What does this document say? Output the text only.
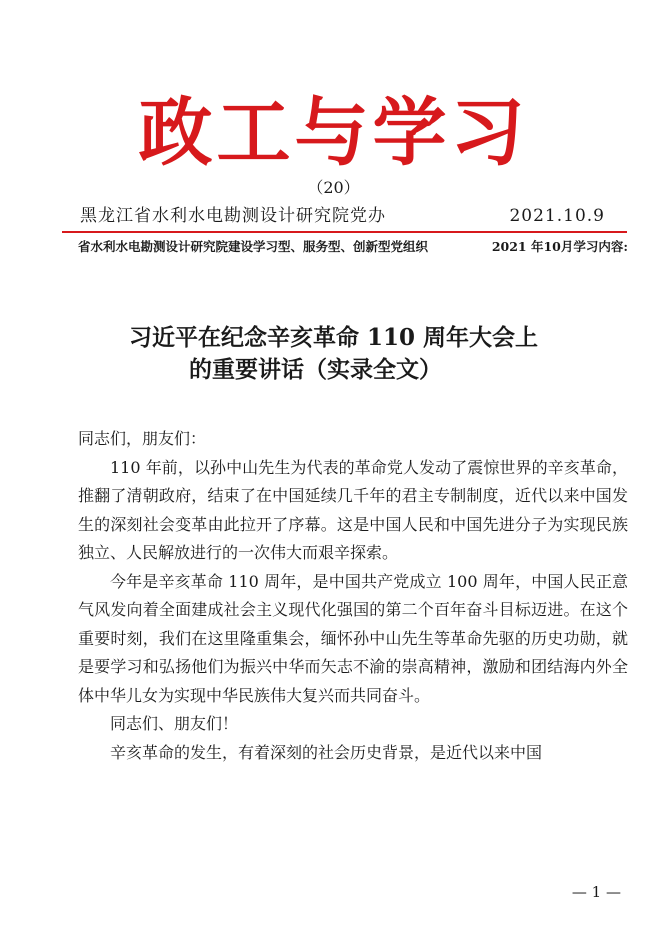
政工与学习
（20）
黑龙江省水利水电勘测设计研究院党办	2021.10.9
省水利水电勘测设计研究院建设学习型、服务型、创新型党组织	2021 年10月学习内容:
习近平在纪念辛亥革命 110 周年大会上
的重要讲话（实录全文）

同志们，朋友们：

110 年前，以孙中山先生为代表的革命党人发动了震惊世界的辛亥革命，推翻了清朝政府，结束了在中国延续几千年的君主专制制度，近代以来中国发生的深刻社会变革由此拉开了序幕。这是中国人民和中国先进分子为实现民族独立、人民解放进行的一次伟大而艰辛探索。

今年是辛亥革命 110 周年，是中国共产党成立 100 周年，中国人民正意气风发向着全面建成社会主义现代化强国的第二个百年奋斗目标迈进。在这个重要时刻，我们在这里隆重集会，缅怀孙中山先生等革命先驱的历史功勋，就是要学习和弘扬他们为振兴中华而矢志不渝的崇高精神，激励和团结海内外全体中华儿女为实现中华民族伟大复兴而共同奋斗。

同志们、朋友们！

辛亥革命的发生，有着深刻的社会历史背景，是近代以来中国

— 1 —
